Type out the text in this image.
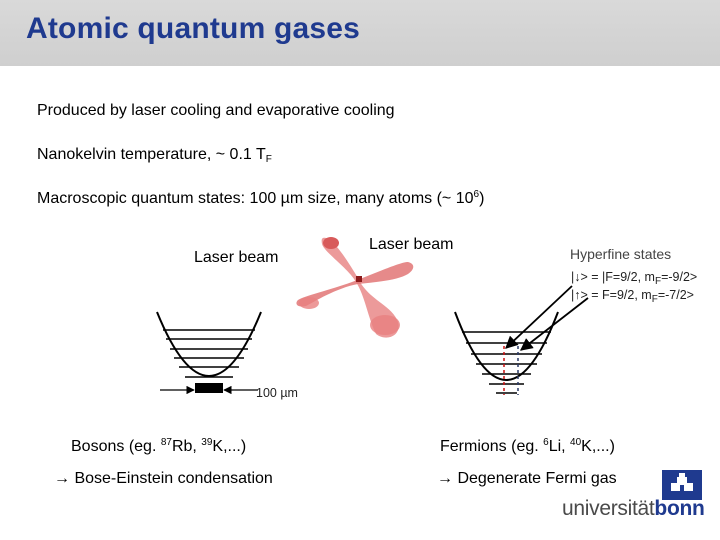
Atomic quantum gases
Produced by laser cooling and evaporative cooling
Nanokelvin temperature, ~ 0.1 $T_F$
Macroscopic quantum states: 100 µm size, many atoms (~ $10^6$)
Laser beam
Laser beam
Hyperfine states
|↓> = |F=9/2, $m_F=-9/2>$
|↑> = F=9/2, $m_F=-7/2>$
100 µm
Bosons (eg. $^{87}$Rb, $^{39}$K,...)
→ Bose-Einstein condensation
Fermions (eg. $^6$Li, $^{40}$K,...)
→ Degenerate Fermi gas
universitätbonn
